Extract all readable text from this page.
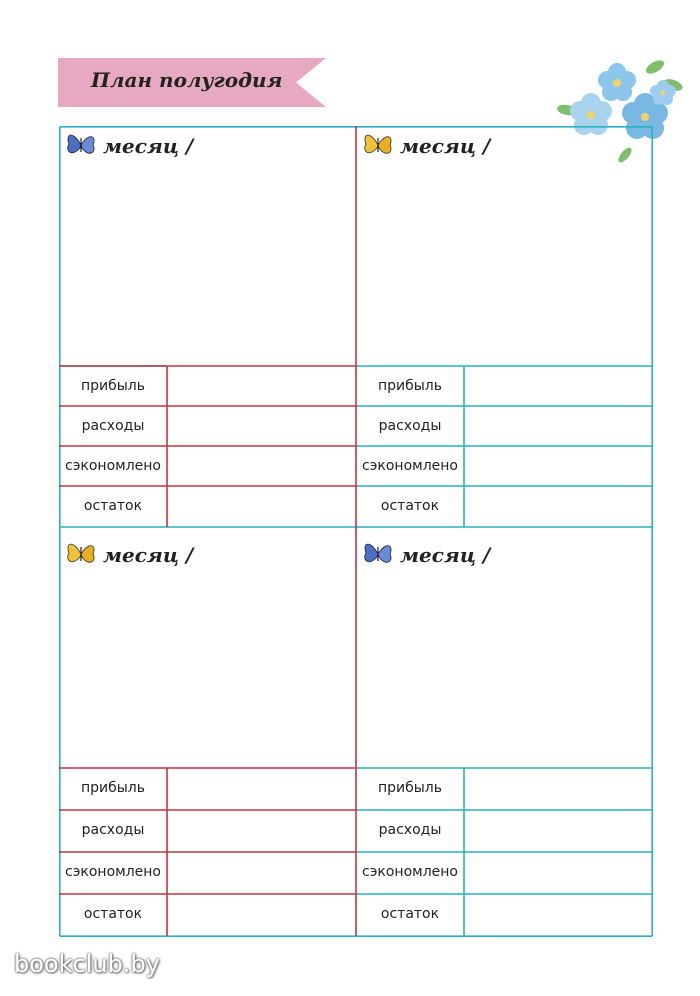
План полугодия
месяц /
прибыль
расходы
сэкономлено
остаток
месяц /
прибыль
расходы
сэкономлено
остаток
месяц /
прибыль
расходы
сэкономлено
остаток
месяц /
прибыль
расходы
сэкономлено
остаток
bookclub.by
